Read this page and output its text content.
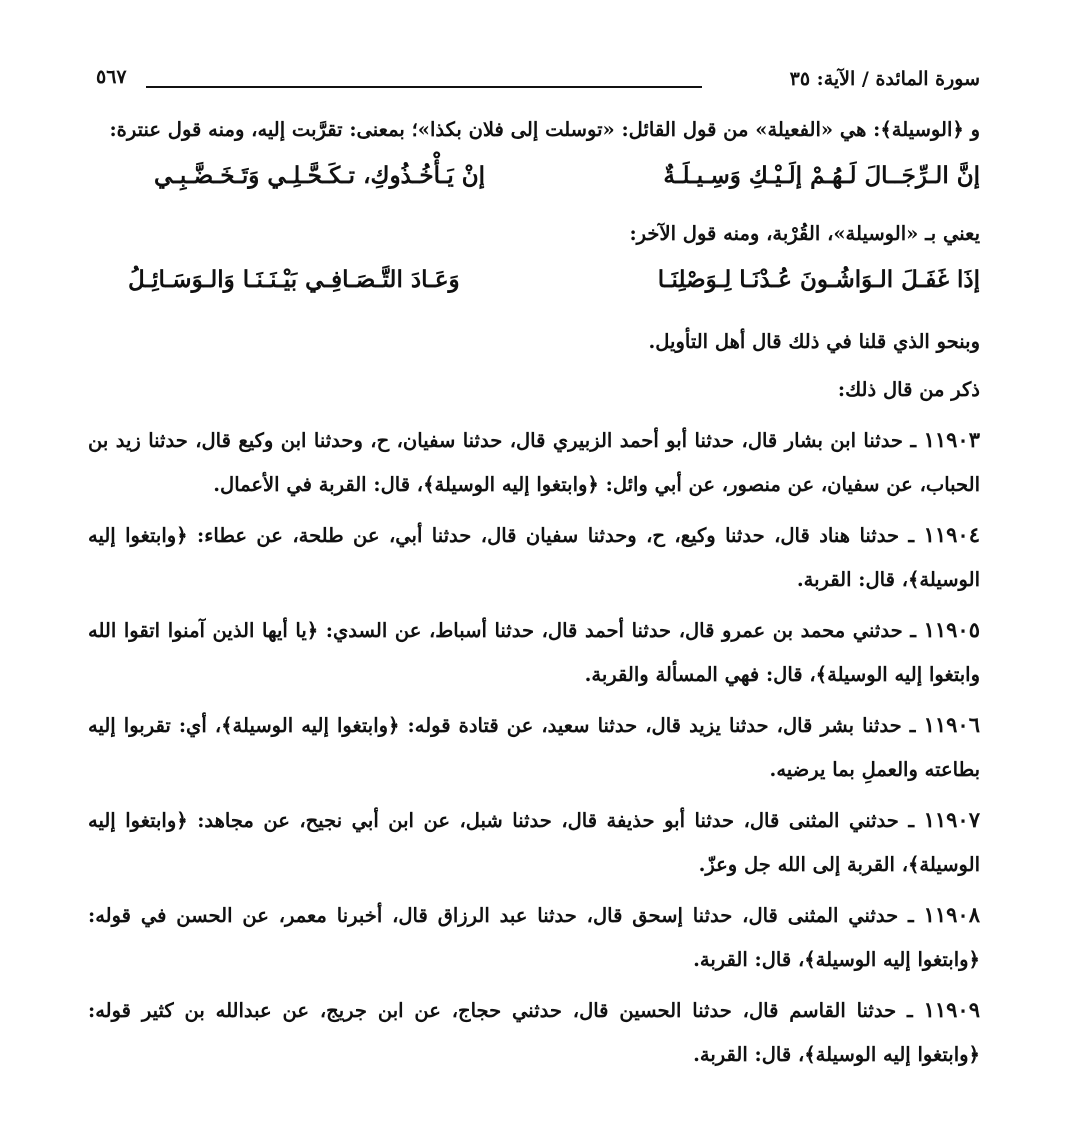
سورة المائدة / الآية: ٣٥
٥٦٧

و ﴿الوسيلة﴾: هي «الفعيلة» من قول القائل: «توسلت إلى فلان بكذا»؛ بمعنى: تقرَّبت إليه، ومنه قول عنترة:

إنَّ الـرِّجَــالَ لَـهُـمْ إلَـيْـكِ وَسِـيـلَـةٌ
إنْ يَـأْخُـذُوكِ، تـكَـحَّـلِـي وَتَـخَـضَّـبِـي

يعني بـ «الوسيلة»، القُرْبة، ومنه قول الآخر:

إذَا غَفَـلَ الـوَاشُـونَ عُـدْنَـا لِـوَصْلِنَـا
وَعَـادَ التَّـصَـافِـي بَيْـنَـنَـا وَالـوَسَـائِـلُ

وبنحو الذي قلنا في ذلك قال أهل التأويل.

ذكر من قال ذلك:

١١٩٠٣ ـ حدثنا ابن بشار قال، حدثنا أبو أحمد الزبيري قال، حدثنا سفيان، ح، وحدثنا ابن وكيع قال، حدثنا زيد بن الحباب، عن سفيان، عن منصور، عن أبي وائل: ﴿وابتغوا إليه الوسيلة﴾، قال: القربة في الأعمال.

١١٩٠٤ ـ حدثنا هناد قال، حدثنا وكيع، ح، وحدثنا سفيان قال، حدثنا أبي، عن طلحة، عن عطاء: ﴿وابتغوا إليه الوسيلة﴾، قال: القربة.

١١٩٠٥ ـ حدثني محمد بن عمرو قال، حدثنا أحمد قال، حدثنا أسباط، عن السدي: ﴿يا أيها الذين آمنوا اتقوا الله وابتغوا إليه الوسيلة﴾، قال: فهي المسألة والقربة.

١١٩٠٦ ـ حدثنا بشر قال، حدثنا يزيد قال، حدثنا سعيد، عن قتادة قوله: ﴿وابتغوا إليه الوسيلة﴾، أي: تقربوا إليه بطاعته والعملِ بما يرضيه.

١١٩٠٧ ـ حدثني المثنى قال، حدثنا أبو حذيفة قال، حدثنا شبل، عن ابن أبي نجيح، عن مجاهد: ﴿وابتغوا إليه الوسيلة﴾، القربة إلى الله جل وعزّ.

١١٩٠٨ ـ حدثني المثنى قال، حدثنا إسحق قال، حدثنا عبد الرزاق قال، أخبرنا معمر، عن الحسن في قوله: ﴿وابتغوا إليه الوسيلة﴾، قال: القربة.

١١٩٠٩ ـ حدثنا القاسم قال، حدثنا الحسين قال، حدثني حجاج، عن ابن جريج، عن عبدالله بن كثير قوله: ﴿وابتغوا إليه الوسيلة﴾، قال: القربة.
